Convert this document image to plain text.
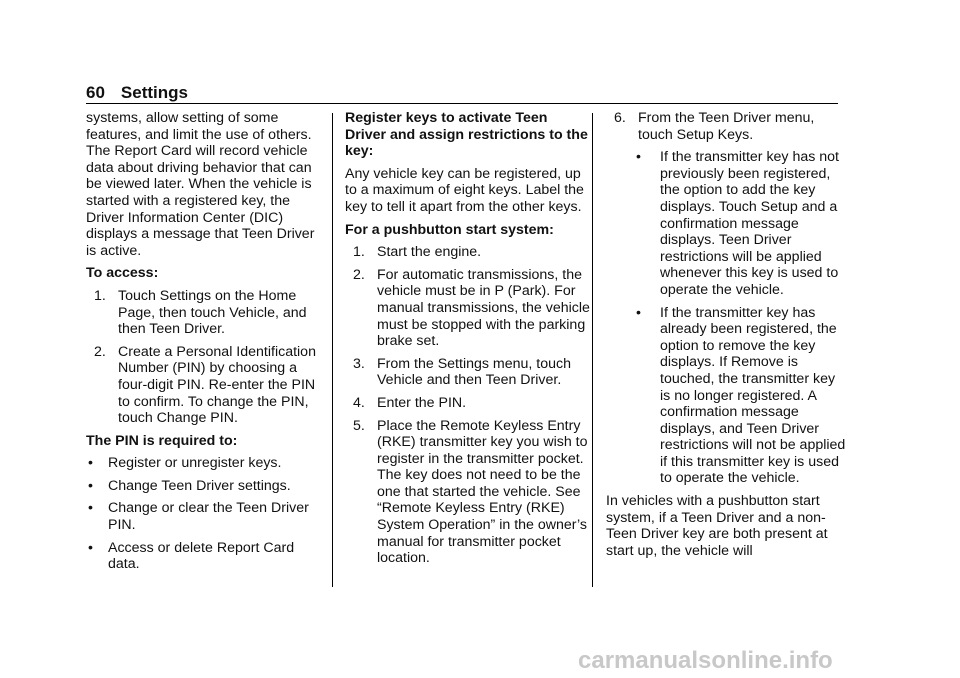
60 Settings

systems, allow setting of some features, and limit the use of others. The Report Card will record vehicle data about driving behavior that can be viewed later. When the vehicle is started with a registered key, the Driver Information Center (DIC) displays a message that Teen Driver is active.

To access:

1. Touch Settings on the Home Page, then touch Vehicle, and then Teen Driver.
2. Create a Personal Identification Number (PIN) by choosing a four-digit PIN. Re-enter the PIN to confirm. To change the PIN, touch Change PIN.

The PIN is required to:

• Register or unregister keys.
• Change Teen Driver settings.
• Change or clear the Teen Driver PIN.
• Access or delete Report Card data.

Register keys to activate Teen Driver and assign restrictions to the key:

Any vehicle key can be registered, up to a maximum of eight keys. Label the key to tell it apart from the other keys.

For a pushbutton start system:

1. Start the engine.
2. For automatic transmissions, the vehicle must be in P (Park). For manual transmissions, the vehicle must be stopped with the parking brake set.
3. From the Settings menu, touch Vehicle and then Teen Driver.
4. Enter the PIN.
5. Place the Remote Keyless Entry (RKE) transmitter key you wish to register in the transmitter pocket. The key does not need to be the one that started the vehicle. See “Remote Keyless Entry (RKE) System Operation” in the owner’s manual for transmitter pocket location.
6. From the Teen Driver menu, touch Setup Keys.
• If the transmitter key has not previously been registered, the option to add the key displays. Touch Setup and a confirmation message displays. Teen Driver restrictions will be applied whenever this key is used to operate the vehicle.
• If the transmitter key has already been registered, the option to remove the key displays. If Remove is touched, the transmitter key is no longer registered. A confirmation message displays, and Teen Driver restrictions will not be applied if this transmitter key is used to operate the vehicle.

In vehicles with a pushbutton start system, if a Teen Driver and a non-Teen Driver key are both present at start up, the vehicle will

carmanualsonline.info
